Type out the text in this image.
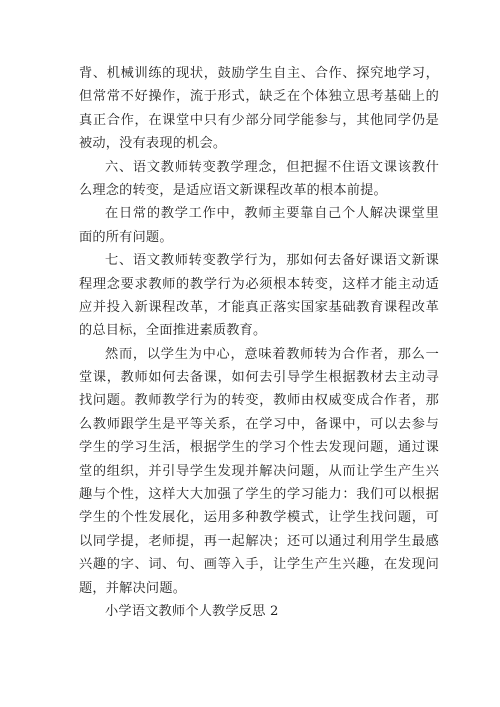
背、机械训练的现状，鼓励学生自主、合作、探究地学习，
但常常不好操作，流于形式，缺乏在个体独立思考基础上的
真正合作，在课堂中只有少部分同学能参与，其他同学仍是
被动，没有表现的机会。
六、语文教师转变教学理念，但把握不住语文课该教什
么理念的转变，是适应语文新课程改革的根本前提。
在日常的教学工作中，教师主要靠自己个人解决课堂里
面的所有问题。
七、语文教师转变教学行为，那如何去备好课语文新课
程理念要求教师的教学行为必须根本转变，这样才能主动适
应并投入新课程改革，才能真正落实国家基础教育课程改革
的总目标，全面推进素质教育。
然而，以学生为中心，意味着教师转为合作者，那么一
堂课，教师如何去备课，如何去引导学生根据教材去主动寻
找问题。教师教学行为的转变，教师由权威变成合作者，那
么教师跟学生是平等关系，在学习中，备课中，可以去参与
学生的学习生活，根据学生的学习个性去发现问题，通过课
堂的组织，并引导学生发现并解决问题，从而让学生产生兴
趣与个性，这样大大加强了学生的学习能力：我们可以根据
学生的个性发展化，运用多种教学模式，让学生找问题，可
以同学提，老师提，再一起解决；还可以通过利用学生最感
兴趣的字、词、句、画等入手，让学生产生兴趣，在发现问
题，并解决问题。
小学语文教师个人教学反思 2
